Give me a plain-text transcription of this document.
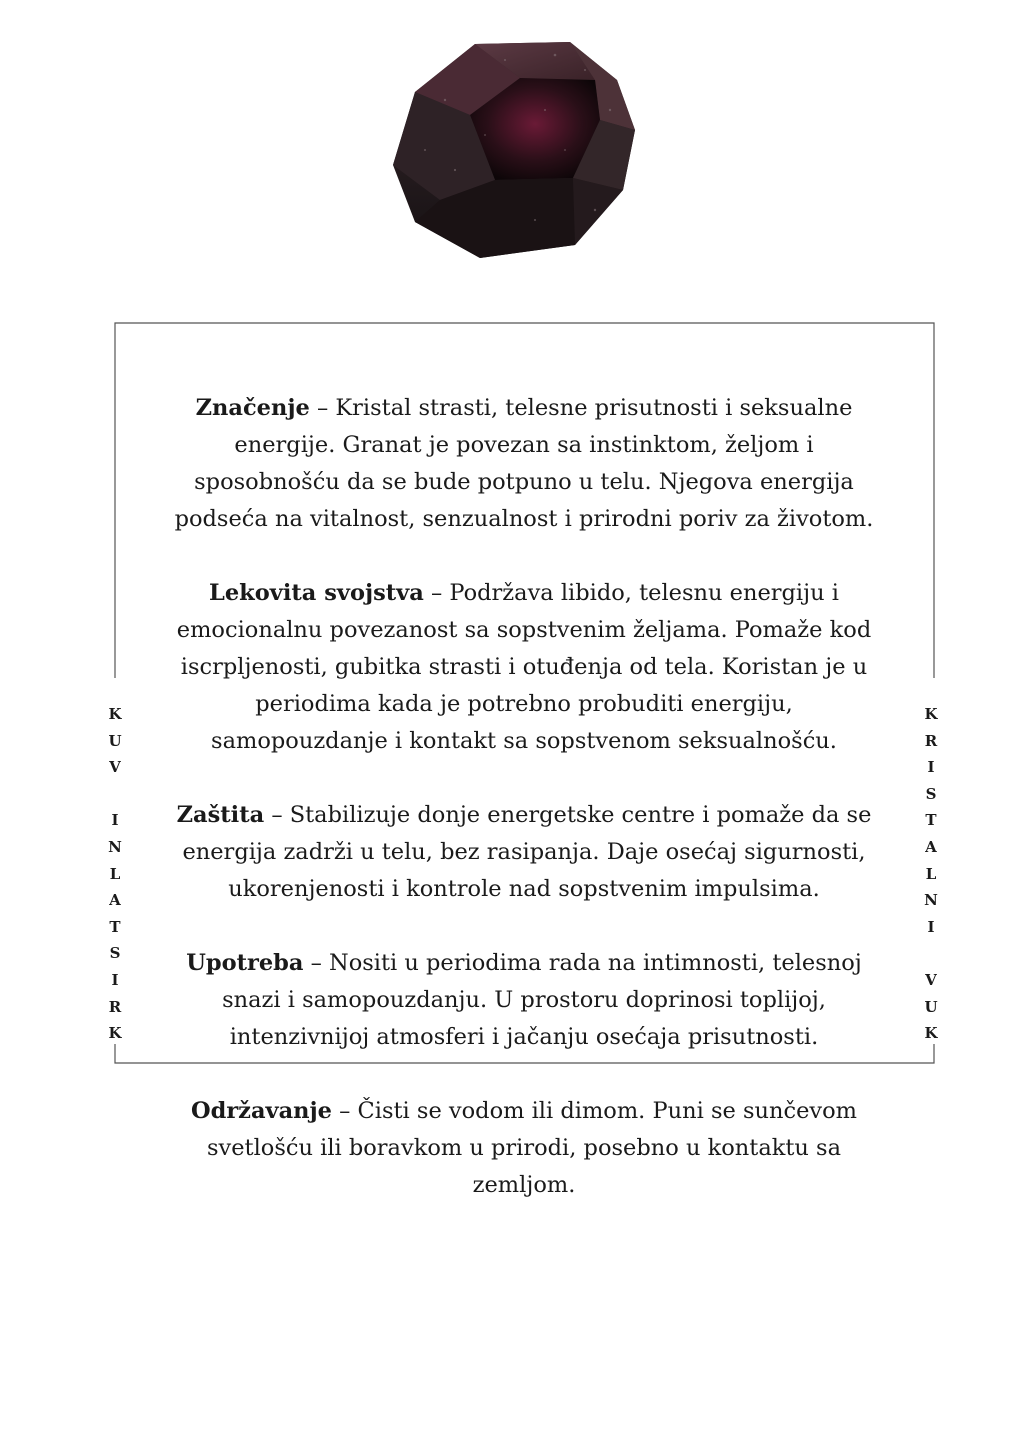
K
U
V

I
N
L
A
T
S
I
R
K
K
R
I
S
T
A
L
N
I

V
U
K

Značenje – Kristal strasti, telesne prisutnosti i seksualne energije. Granat je povezan sa instinktom, željom i sposobnošću da se bude potpuno u telu. Njegova energija podseća na vitalnost, senzualnost i prirodni poriv za životom.

Lekovita svojstva – Podržava libido, telesnu energiju i emocionalnu povezanost sa sopstvenim željama. Pomaže kod iscrpljenosti, gubitka strasti i otuđenja od tela. Koristan je u periodima kada je potrebno probuditi energiju, samopouzdanje i kontakt sa sopstvenom seksualnošću.

Zaštita – Stabilizuje donje energetske centre i pomaže da se energija zadrži u telu, bez rasipanja. Daje osećaj sigurnosti, ukorenjenosti i kontrole nad sopstvenim impulsima.

Upotreba – Nositi u periodima rada na intimnosti, telesnoj snazi i samopouzdanju. U prostoru doprinosi toplijoj, intenzivnijoj atmosferi i jačanju osećaja prisutnosti.

Održavanje – Čisti se vodom ili dimom. Puni se sunčevom svetlošću ili boravkom u prirodi, posebno u kontaktu sa zemljom.
